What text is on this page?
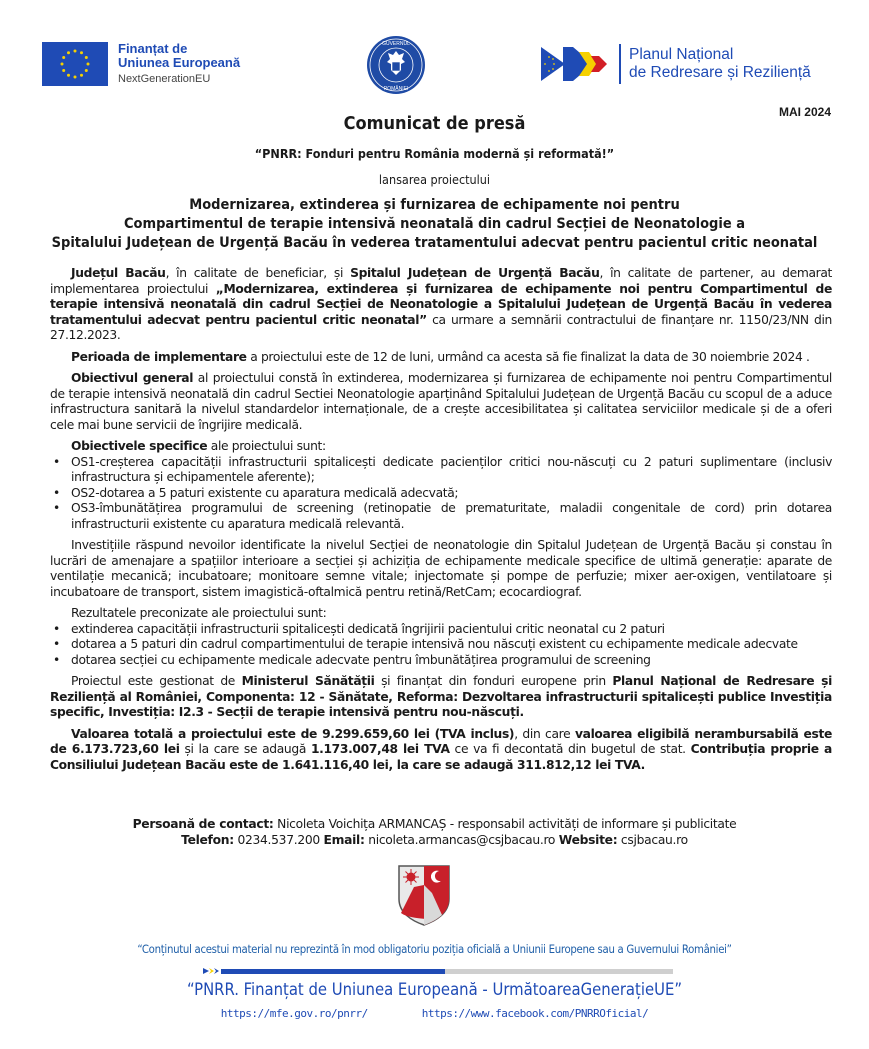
Finanțat de
Uniunea Europeană
NextGenerationEU
GUVERNUL
ROMÂNIEI
Planul Național
de Redresare și Reziliență
MAI 2024
Comunicat de presă
“PNRR: Fonduri pentru România modernă și reformată!”
lansarea proiectului
Modernizarea, extinderea și furnizarea de echipamente noi pentru
Compartimentul de terapie intensivă neonatală din cadrul Secției de Neonatologie a
Spitalului Județean de Urgență Bacău în vederea tratamentului adecvat pentru pacientul critic neonatal

Județul Bacău, în calitate de beneficiar, și Spitalul Județean de Urgență Bacău, în calitate de partener, au demarat implementarea proiectului „Modernizarea, extinderea și furnizarea de echipamente noi pentru Compartimentul de terapie intensivă neonatală din cadrul Secției de Neonatologie a Spitalului Județean de Urgență Bacău în vederea tratamentului adecvat pentru pacientul critic neonatal” ca urmare a semnării contractului de finanțare nr. 1150/23/NN din 27.12.2023.

Perioada de implementare a proiectului este de 12 de luni, urmând ca acesta să fie finalizat la data de 30 noiembrie 2024 .

Obiectivul general al proiectului constă în extinderea, modernizarea și furnizarea de echipamente noi pentru Compartimentul de terapie intensivă neonatală din cadrul Sectiei Neonatologie aparținând Spitalului Județean de Urgență Bacău cu scopul de a aduce infrastructura sanitară la nivelul standardelor internaționale, de a crește accesibilitatea și calitatea serviciilor medicale și de a oferi cele mai bune servicii de îngrijire medicală.

Obiectivele specifice ale proiectului sunt:
• OS1-creșterea capacității infrastructurii spitalicești dedicate pacienților critici nou-născuți cu 2 paturi suplimentare (inclusiv infrastructura și echipamentele aferente);
• OS2-dotarea a 5 paturi existente cu aparatura medicală adecvată;
• OS3-îmbunătățirea programului de screening (retinopatie de prematuritate, maladii congenitale de cord) prin dotarea infrastructurii existente cu aparatura medicală relevantă.

Investițiile răspund nevoilor identificate la nivelul Secției de neonatologie din Spitalul Județean de Urgență Bacău și constau în lucrări de amenajare a spațiilor interioare a secției și achiziția de echipamente medicale specifice de ultimă generație: aparate de ventilație mecanică; incubatoare; monitoare semne vitale; injectomate și pompe de perfuzie; mixer aer-oxigen, ventilatoare și incubatoare de transport, sistem imagistică-oftalmică pentru retină/RetCam; ecocardiograf.

Rezultatele preconizate ale proiectului sunt:
• extinderea capacității infrastructurii spitalicești dedicată îngrijirii pacientului critic neonatal cu 2 paturi
• dotarea a 5 paturi din cadrul compartimentului de terapie intensivă nou născuți existent cu echipamente medicale adecvate
• dotarea secției cu echipamente medicale adecvate pentru îmbunătățirea programului de screening

Proiectul este gestionat de Ministerul Sănătății și finanțat din fonduri europene prin Planul Național de Redresare și Reziliență al României, Componenta: 12 - Sănătate, Reforma: Dezvoltarea infrastructurii spitalicești publice Investiția specific, Investiția: I2.3 - Secții de terapie intensivă pentru nou-născuți.

Valoarea totală a proiectului este de 9.299.659,60 lei (TVA inclus), din care valoarea eligibilă nerambursabilă este de 6.173.723,60 lei și la care se adaugă 1.173.007,48 lei TVA ce va fi decontată din bugetul de stat. Contribuția proprie a Consiliului Județean Bacău este de 1.641.116,40 lei, la care se adaugă 311.812,12 lei TVA.

Persoană de contact: Nicoleta Voichița ARMANCAȘ - responsabil activități de informare și publicitate
Telefon: 0234.537.200 Email: nicoleta.armancas@csjbacau.ro Website: csjbacau.ro
“Conținutul acestui material nu reprezintă în mod obligatoriu poziția oficială a Uniunii Europene sau a Guvernului României”
“PNRR. Finanțat de Uniunea Europeană - UrmătoareaGenerațieUE”
https://mfe.gov.ro/pnrr/	https://www.facebook.com/PNRROficial/
